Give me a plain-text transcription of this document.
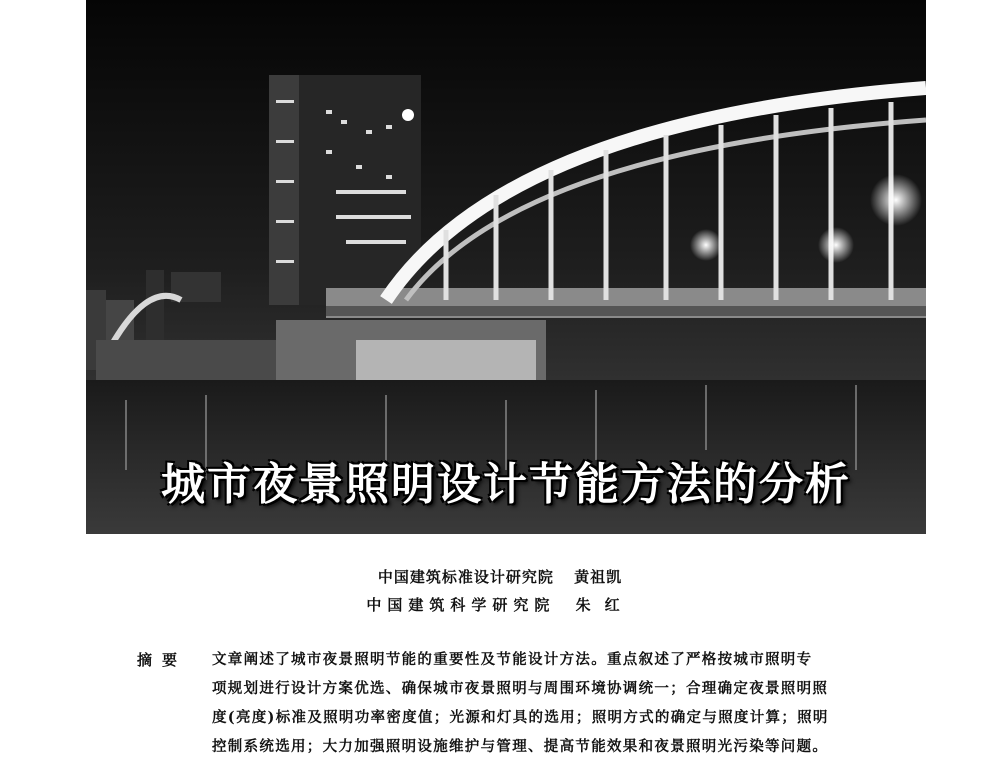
城市夜景照明设计节能方法的分析
中国建筑标准设计研究院 黄祖凯
中国建筑科学研究院 朱红
摘要 文章阐述了城市夜景照明节能的重要性及节能设计方法。重点叙述了严格按城市照明专
项规划进行设计方案优选、确保城市夜景照明与周围环境协调统一；合理确定夜景照明照
度(亮度)标准及照明功率密度值；光源和灯具的选用；照明方式的确定与照度计算；照明
控制系统选用；大力加强照明设施维护与管理、提高节能效果和夜景照明光污染等问题。
